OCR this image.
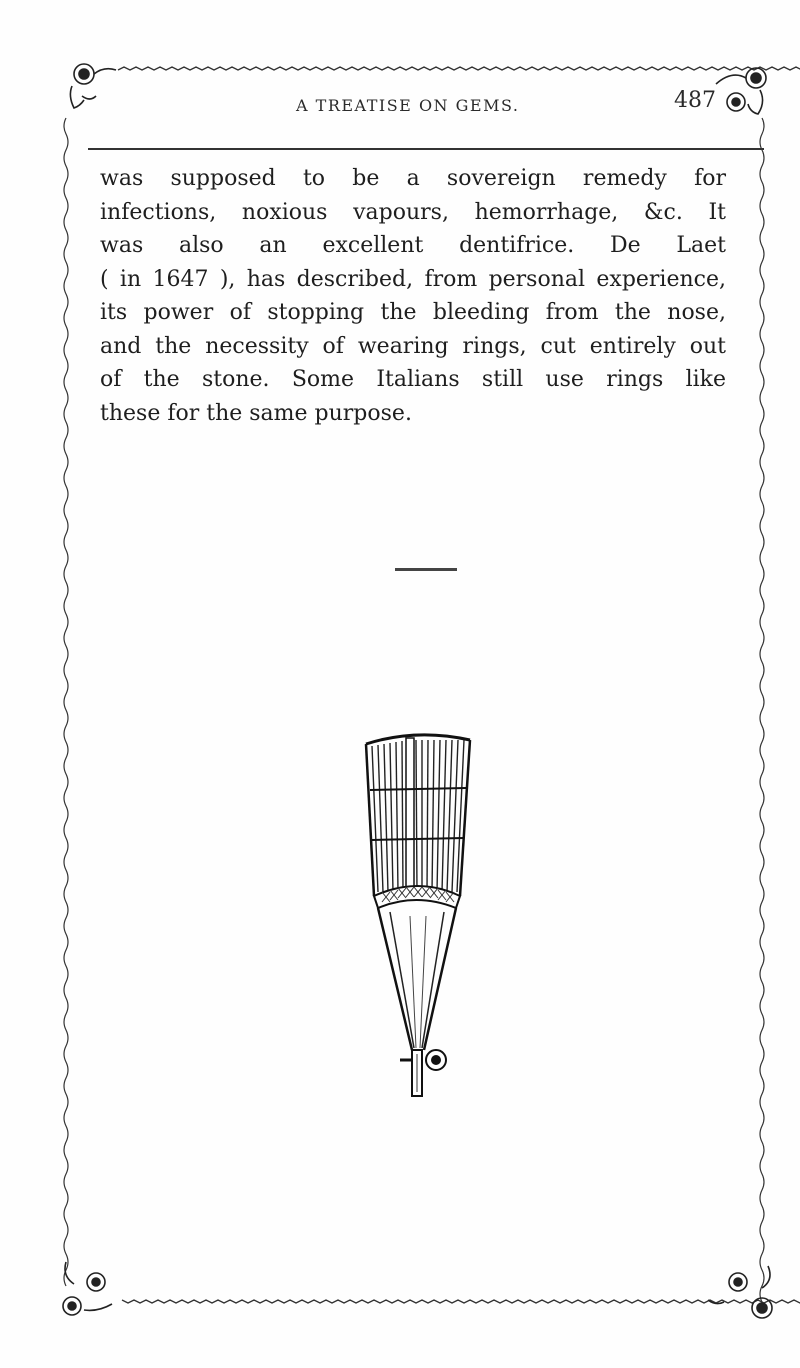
A TREATISE ON GEMS.	487
was supposed to be a sovereign remedy for
infections, noxious vapours, hemorrhage, &c. It
was also an excellent dentifrice. De Laet
( in 1647 ), has described, from personal experience,
its power of stopping the bleeding from the nose,
and the necessity of wearing rings, cut entirely out
of the stone. Some Italians still use rings like
these for the same purpose.
